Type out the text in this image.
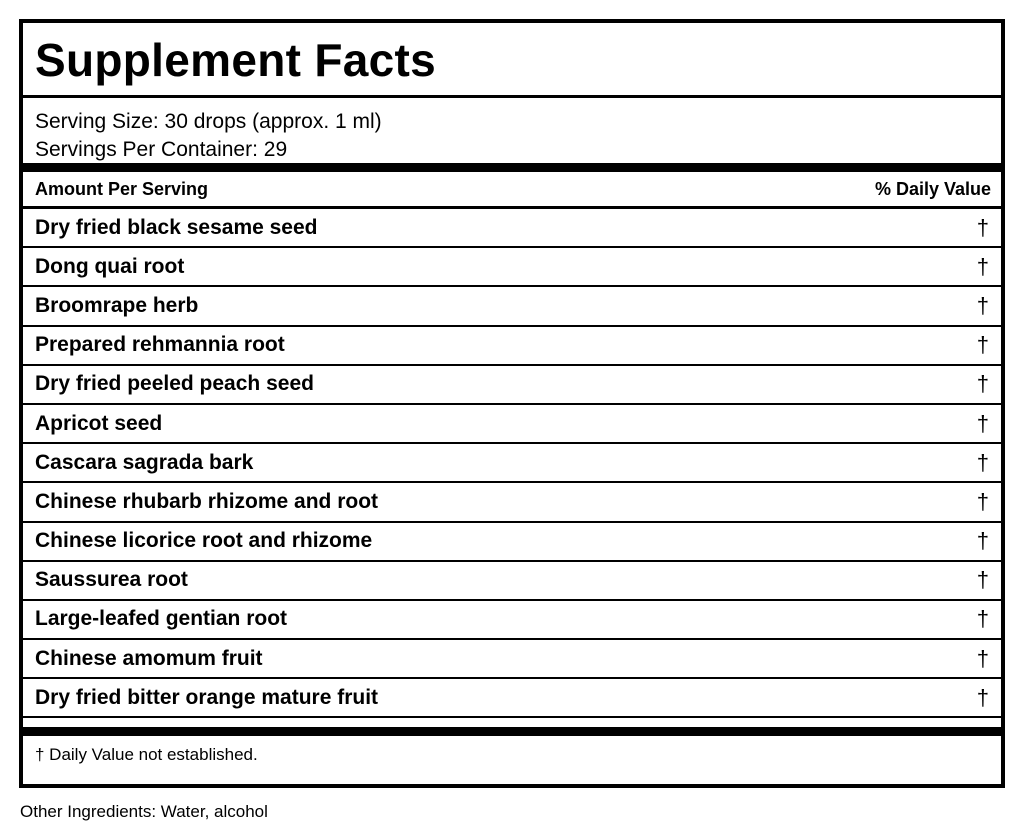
Supplement Facts
Serving Size: 30 drops (approx. 1 ml)
Servings Per Container: 29
Amount Per Serving	% Daily Value
Dry fried black sesame seed	†
Dong quai root	†
Broomrape herb	†
Prepared rehmannia root	†
Dry fried peeled peach seed	†
Apricot seed	†
Cascara sagrada bark	†
Chinese rhubarb rhizome and root	†
Chinese licorice root and rhizome	†
Saussurea root	†
Large-leafed gentian root	†
Chinese amomum fruit	†
Dry fried bitter orange mature fruit	†
† Daily Value not established.
Other Ingredients: Water, alcohol
